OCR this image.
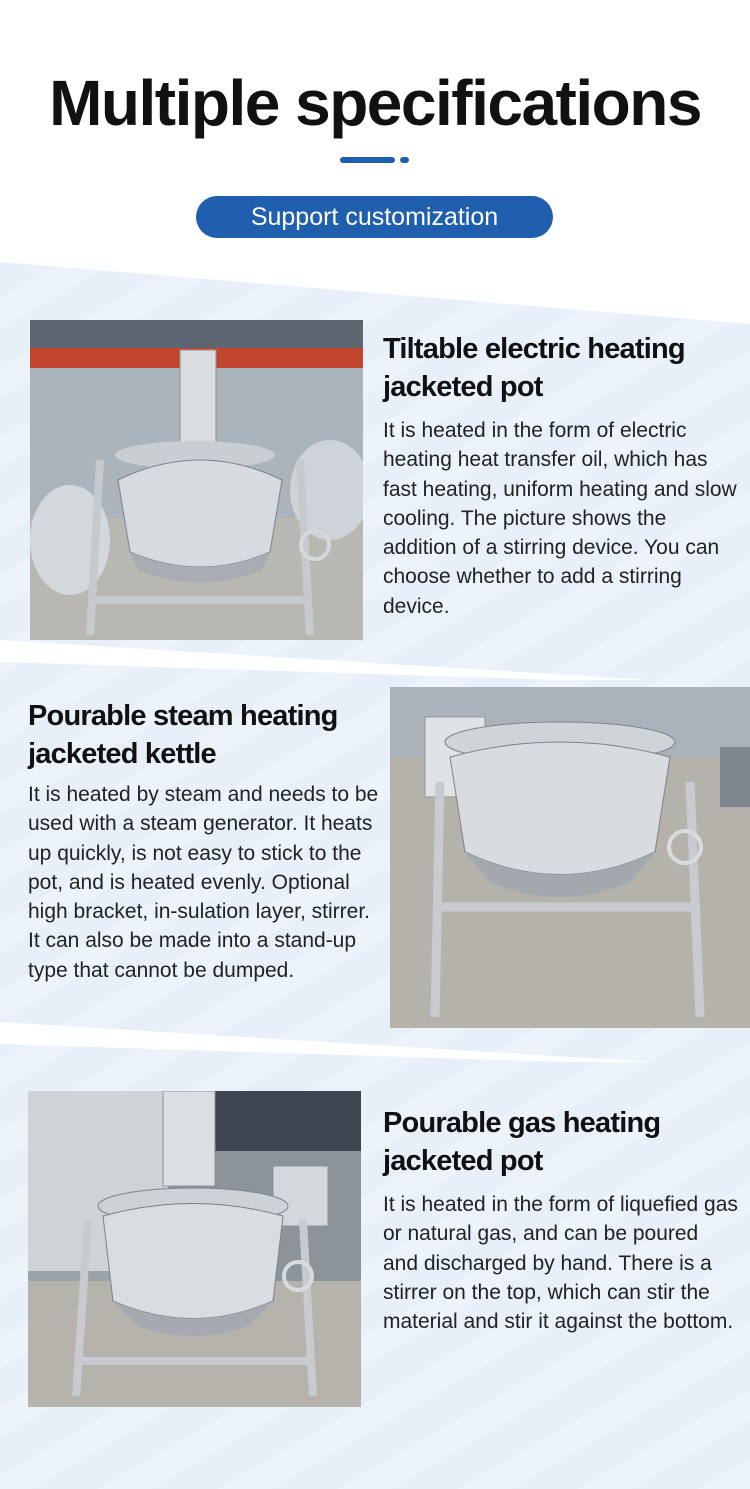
Multiple specifications
Support customization
Tiltable electric heating jacketed pot
It is heated in the form of electric heating heat transfer oil, which has fast heating, uniform heating and slow cooling. The picture shows the addition of a stirring device. You can choose whether to add a stirring device.
Pourable steam heating jacketed kettle
It is heated by steam and needs to be used with a steam generator. It heats up quickly, is not easy to stick to the pot, and is heated evenly. Optional high bracket, in-sulation layer, stirrer. It can also be made into a stand-up type that cannot be dumped.
Pourable gas heating jacketed pot
It is heated in the form of liquefied gas or natural gas, and can be poured and discharged by hand. There is a stirrer on the top, which can stir the material and stir it against the bottom.
